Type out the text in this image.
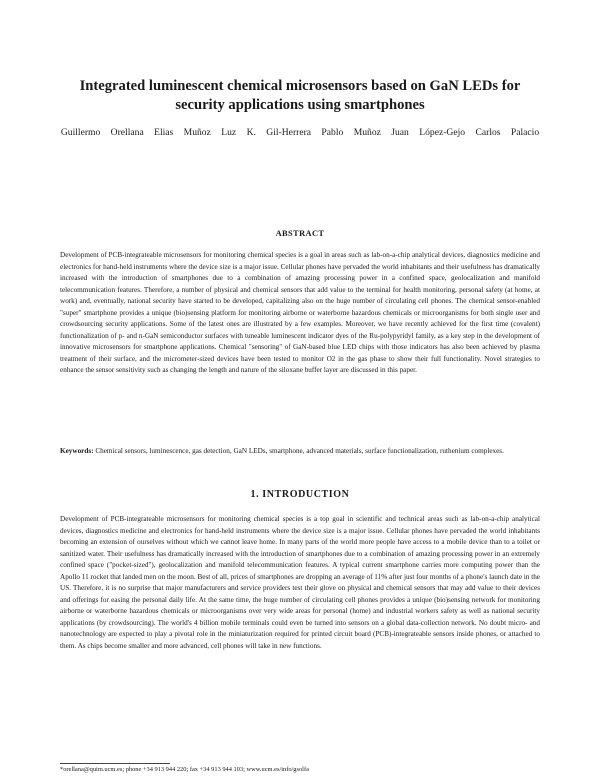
Integrated luminescent chemical microsensors based on GaN LEDs for security applications using smartphones
Guillermo Orellana Elias Muñoz Luz K. Gil-Herrera Pablo Muñoz Juan López-Gejo Carlos Palacio
ABSTRACT
Development of PCB-integrateable microsensors for monitoring chemical species is a goal in areas such as lab-on-a-chip analytical devices, diagnostics medicine and electronics for hand-held instruments where the device size is a major issue. Cellular phones have pervaded the world inhabitants and their usefulness has dramatically increased with the introduction of smartphones due to a combination of amazing processing power in a confined space, geolocalization and manifold telecommunication features. Therefore, a number of physical and chemical sensors that add value to the terminal for health monitoring, personal safety (at home, at work) and, eventually, national security have started to be developed, capitalizing also on the huge number of circulating cell phones. The chemical sensor-enabled "super" smartphone provides a unique (bio)sensing platform for monitoring airborne or waterborne hazardous chemicals or microorganisms for both single user and crowdsourcing security applications. Some of the latest ones are illustrated by a few examples. Moreover, we have recently achieved for the first time (covalent) functionalization of p- and n-GaN semiconductor surfaces with tuneable luminescent indicator dyes of the Ru-polypyridyl family, as a key step in the development of innovative microsensors for smartphone applications. Chemical "sensoring" of GaN-based blue LED chips with those indicators has also been achieved by plasma treatment of their surface, and the micrometer-sized devices have been tested to monitor O2 in the gas phase to show their full functionality. Novel strategies to enhance the sensor sensitivity such as changing the length and nature of the siloxane buffer layer are discussed in this paper.
Keywords: Chemical sensors, luminescence, gas detection, GaN LEDs, smartphone, advanced materials, surface functionalization, ruthenium complexes.
1. INTRODUCTION
Development of PCB-integrateable microsensors for monitoring chemical species is a top goal in scientific and technical areas such as lab-on-a-chip analytical devices, diagnostics medicine and electronics for hand-held instruments where the device size is a major issue. Cellular phones have pervaded the world inhabitants becoming an extension of ourselves without which we cannot leave home. In many parts of the world more people have access to a mobile device than to a toilet or sanitized water. Their usefulness has dramatically increased with the introduction of smartphones due to a combination of amazing processing power in an extremely confined space ("pocket-sized"), geolocalization and manifold telecommunication features. A typical current smartphone carries more computing power than the Apollo 11 rocket that landed men on the moon. Best of all, prices of smartphones are dropping an average of 11% after just four months of a phone's launch date in the US. Therefore, it is no surprise that major manufacturers and service providers test their glove on physical and chemical sensors that may add value to their devices and offerings for easing the personal daily life. At the same time, the huge number of circulating cell phones provides a unique (bio)sensing network for monitoring airborne or waterborne hazardous chemicals or microorganisms over very wide areas for personal (home) and industrial workers safety as well as national security applications (by crowdsourcing). The world's 4 billion mobile terminals could even be turned into sensors on a global data-collection network. No doubt micro- and nanotechnology are expected to play a pivotal role in the miniaturization required for printed circuit board (PCB)-integrateable sensors inside phones, or attached to them. As chips become smaller and more advanced, cell phones will take in new functions.
*orellana@quim.ucm.es; phone +34 913 944 220; fax +34 913 944 103; www.ucm.es/info/gsolfa
